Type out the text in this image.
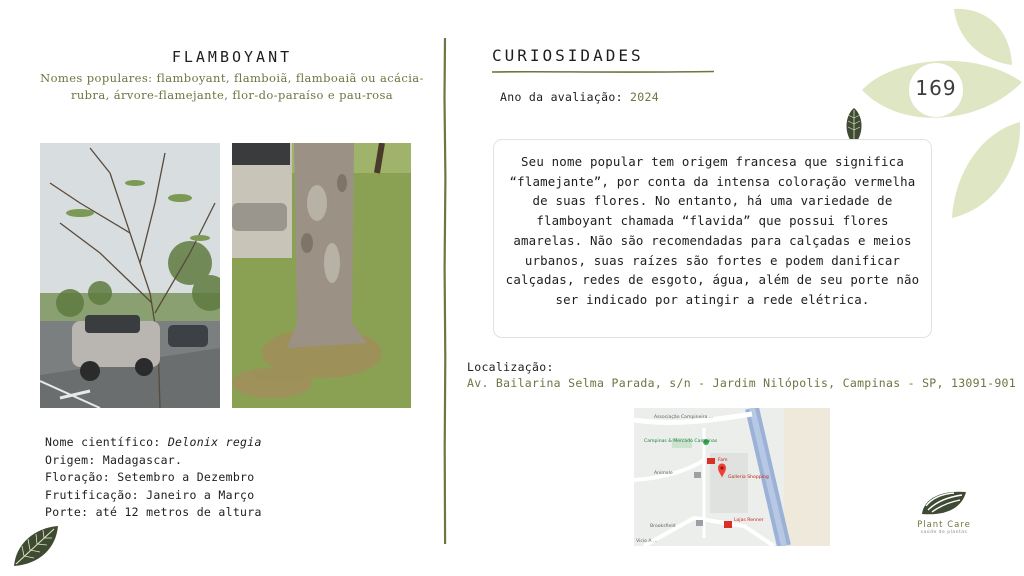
FLAMBOYANT
Nomes populares: flamboyant, flamboiã, flamboaiã ou acácia-rubra, árvore-flamejante, flor-do-paraíso e pau-rosa
Nome científico: Delonix regia
Origem: Madagascar.
Floração: Setembro a Dezembro
Frutificação: Janeiro a Março
Porte: até 12 metros de altura
CURIOSIDADES
Ano da avaliação: 2024	169
Seu nome popular tem origem francesa que significa “flamejante”, por conta da intensa coloração vermelha de suas flores. No entanto, há uma variedade de flamboyant chamada “flavida” que possui flores amarelas. Não são recomendadas para calçadas e meios urbanos, suas raízes são fortes e podem danificar calçadas, redes de esgoto, água, além de seu porte não ser indicado por atingir a rede elétrica.
Localização:
Av. Bailarina Selma Parada, s/n - Jardim Nilópolis, Campinas - SP, 13091-901
Associação Campineira ...
Campinas & Mercado Campinas
Fam
Animale
Galleria Shopping
Lojas Renner
Brooksfield
Vicio A ...
Plant Care
saúde de plantas
